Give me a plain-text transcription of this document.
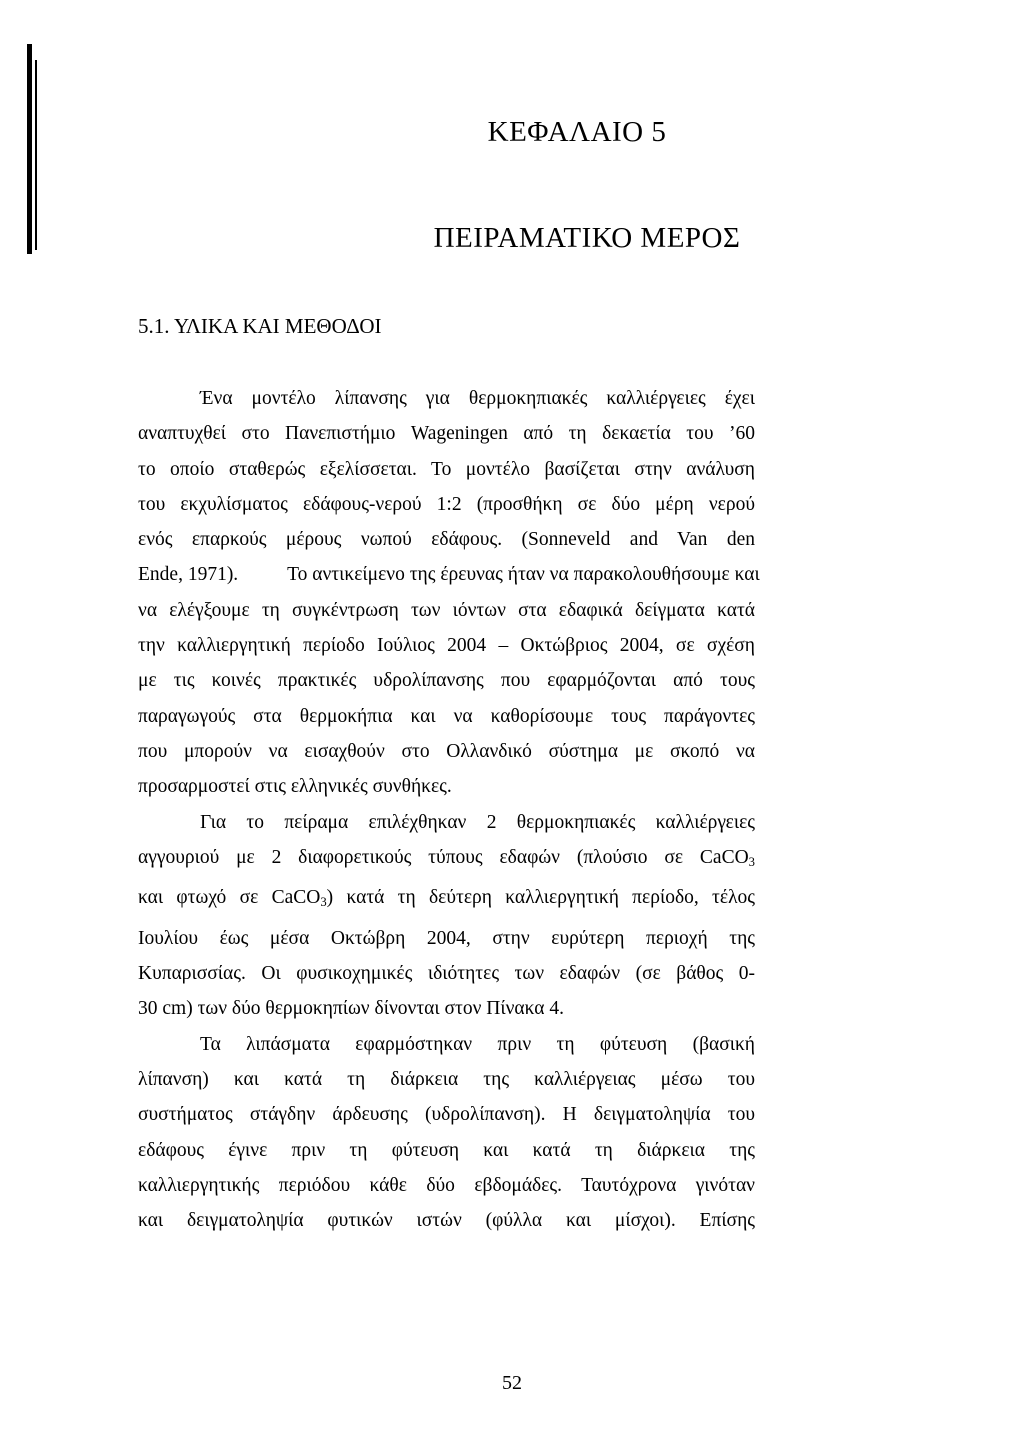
ΚΕΦΑΛΑΙΟ 5
ΠΕΙΡΑΜΑΤΙΚΟ ΜΕΡΟΣ
5.1. ΥΛΙΚΑ ΚΑΙ ΜΕΘΟΔΟΙ
Ένα μοντέλο λίπανσης για θερμοκηπιακές καλλιέργειες έχει
αναπτυχθεί στο Πανεπιστήμιο Wageningen από τη δεκαετία του ’60
το οποίο σταθερώς εξελίσσεται. Το μοντέλο βασίζεται στην ανάλυση
του εκχυλίσματος εδάφους-νερού 1:2 (προσθήκη σε δύο μέρη νερού
ενός επαρκούς μέρους νωπού εδάφους. (Sonneveld and Van den
Ende, 1971).	Το αντικείμενο της έρευνας ήταν να παρακολουθήσουμε και
να ελέγξουμε τη συγκέντρωση των ιόντων στα εδαφικά δείγματα κατά
την καλλιεργητική περίοδο Ιούλιος 2004 – Οκτώβριος 2004, σε σχέση
με τις κοινές πρακτικές υδρολίπανσης που εφαρμόζονται από τους
παραγωγούς στα θερμοκήπια και να καθορίσουμε τους παράγοντες
που μπορούν να εισαχθούν στο Ολλανδικό σύστημα με σκοπό να
προσαρμοστεί στις ελληνικές συνθήκες.
Για το πείραμα επιλέχθηκαν 2 θερμοκηπιακές καλλιέργειες
αγγουριού με 2 διαφορετικούς τύπους εδαφών (πλούσιο σε CaCO$_3$
και φτωχό σε CaCO$_3$) κατά τη δεύτερη καλλιεργητική περίοδο, τέλος
Ιουλίου έως μέσα Οκτώβρη 2004, στην ευρύτερη περιοχή της
Κυπαρισσίας. Οι φυσικοχημικές ιδιότητες των εδαφών (σε βάθος 0-
30 cm) των δύο θερμοκηπίων δίνονται στον Πίνακα 4.
Τα λιπάσματα εφαρμόστηκαν πριν τη φύτευση (βασική
λίπανση) και κατά τη διάρκεια της καλλιέργειας μέσω του
συστήματος στάγδην άρδευσης (υδρολίπανση). Η δειγματοληψία του
εδάφους έγινε πριν τη φύτευση και κατά τη διάρκεια της
καλλιεργητικής περιόδου κάθε δύο εβδομάδες. Ταυτόχρονα γινόταν
και δειγματοληψία φυτικών ιστών (φύλλα και μίσχοι). Επίσης
52
